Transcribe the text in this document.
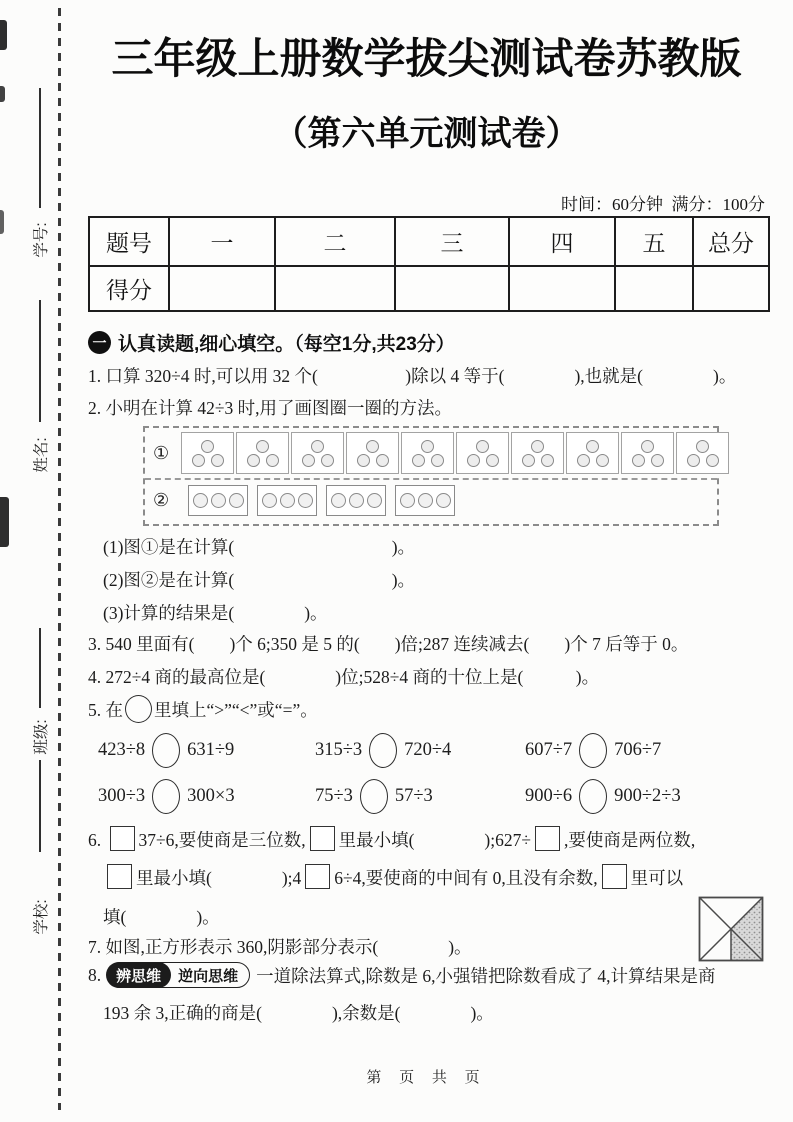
学号:
姓名:
班级:
学校:
三年级上册数学拔尖测试卷苏教版
（第六单元测试卷）
时间：60分钟  满分：100分
题号	一	二	三	四	五	总分
得分
一 认真读题,细心填空。（每空1分,共23分）
1. 口算 320÷4 时,可以用 32 个(　　　　　)除以 4 等于(　　　　),也就是(　　　　)。
2. 小明在计算 42÷3 时,用了画图圈一圈的方法。
①
②
(1)图①是在计算(　　　　　　　　　)。
(2)图②是在计算(　　　　　　　　　)。
(3)计算的结果是(　　　　)。
3. 540 里面有(　　)个 6;350 是 5 的(　　)倍;287 连续减去(　　)个 7 后等于 0。
4. 272÷4 商的最高位是(　　　　)位;528÷4 商的十位上是(　　　)。
5. 在 里填上“>”“<”或“=”。
423÷8 631÷9	315÷3 720÷4	607÷7 706÷7
300÷3 300×3	75÷3 57÷3	900÷6 900÷2÷3
6. 37÷6,要使商是三位数, 里最小填(　　　　);627÷ ,要使商是两位数,
里最小填(　　　　);4 6÷4,要使商的中间有 0,且没有余数, 里可以
填(　　　　)。
7. 如图,正方形表示 360,阴影部分表示(　　　　)。
8.	辨思维	逆向思维	一道除法算式,除数是 6,小强错把除数看成了 4,计算结果是商
193 余 3,正确的商是(　　　　),余数是(　　　　)。
第 页 共 页
